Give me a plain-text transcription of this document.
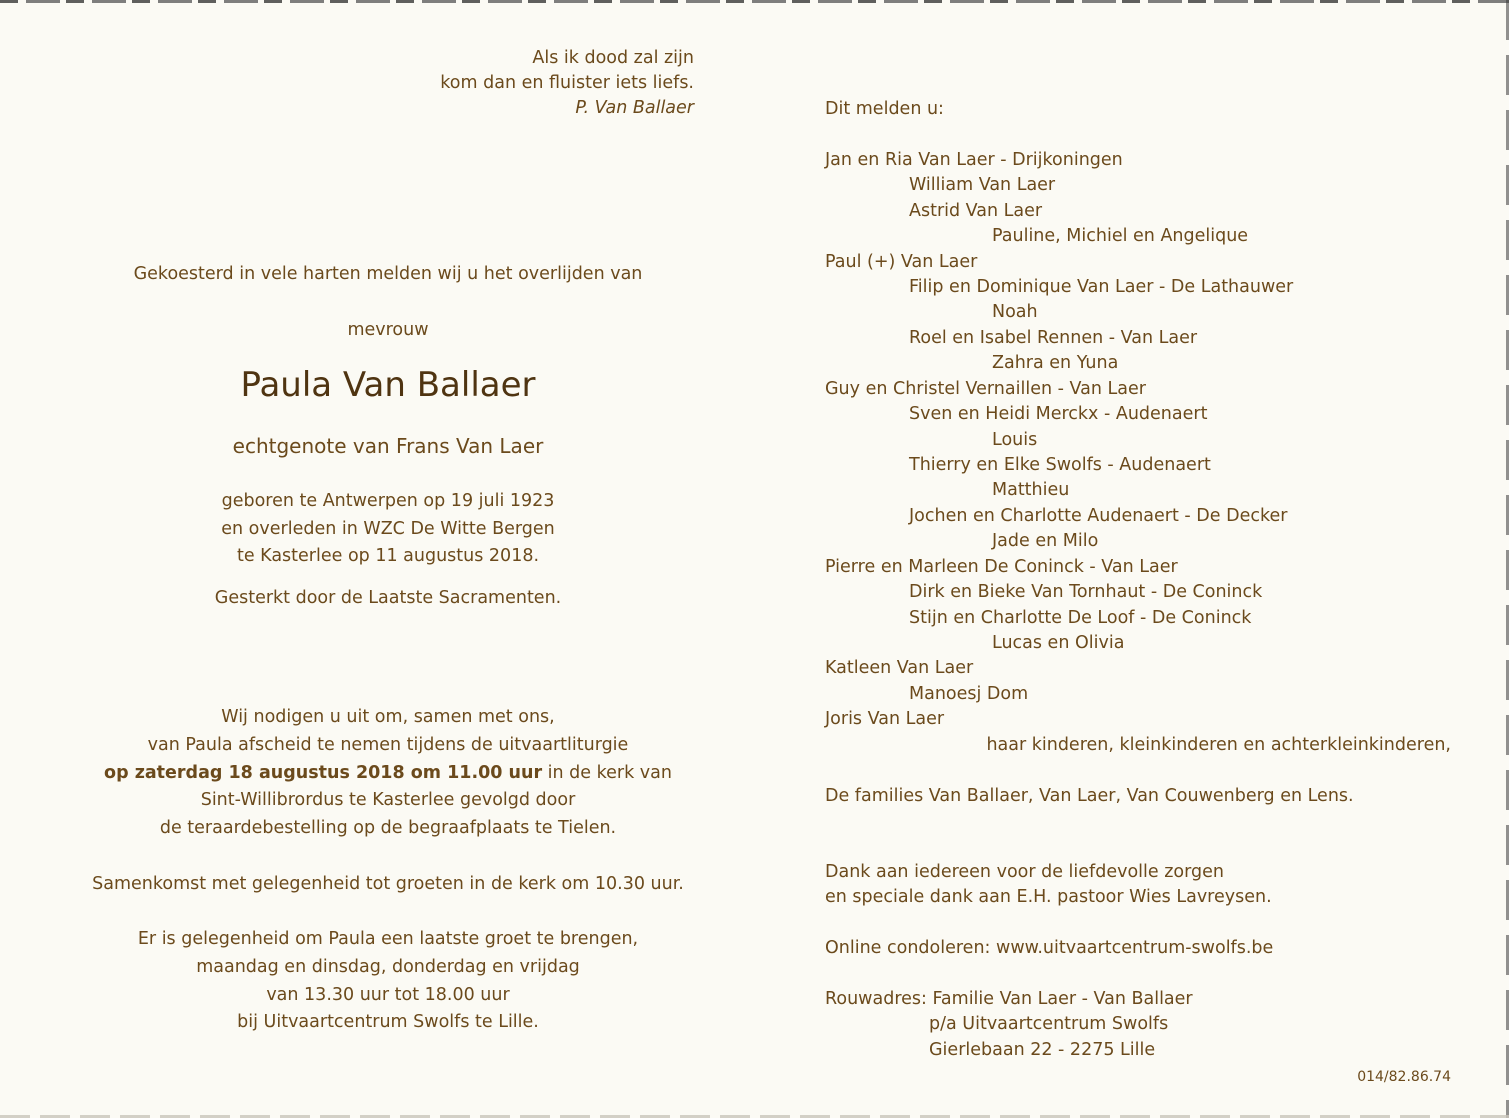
Als ik dood zal zijn
kom dan en fluister iets liefs.
P. Van Ballaer
Gekoesterd in vele harten melden wij u het overlijden van
mevrouw
Paula Van Ballaer
echtgenote van Frans Van Laer
geboren te Antwerpen op 19 juli 1923
en overleden in WZC De Witte Bergen
te Kasterlee op 11 augustus 2018.
Gesterkt door de Laatste Sacramenten.
Wij nodigen u uit om, samen met ons,
van Paula afscheid te nemen tijdens de uitvaartliturgie
op zaterdag 18 augustus 2018 om 11.00 uur in de kerk van
Sint-Willibrordus te Kasterlee gevolgd door
de teraardebestelling op de begraafplaats te Tielen.
Samenkomst met gelegenheid tot groeten in de kerk om 10.30 uur.
Er is gelegenheid om Paula een laatste groet te brengen,
maandag en dinsdag, donderdag en vrijdag
van 13.30 uur tot 18.00 uur
bij Uitvaartcentrum Swolfs te Lille.
Dit melden u:
Jan en Ria Van Laer - Drijkoningen
William Van Laer
Astrid Van Laer
Pauline, Michiel en Angelique
Paul (+) Van Laer
Filip en Dominique Van Laer - De Lathauwer
Noah
Roel en Isabel Rennen - Van Laer
Zahra en Yuna
Guy en Christel Vernaillen - Van Laer
Sven en Heidi Merckx - Audenaert
Louis
Thierry en Elke Swolfs - Audenaert
Matthieu
Jochen en Charlotte Audenaert - De Decker
Jade en Milo
Pierre en Marleen De Coninck - Van Laer
Dirk en Bieke Van Tornhaut - De Coninck
Stijn en Charlotte De Loof - De Coninck
Lucas en Olivia
Katleen Van Laer
Manoesj Dom
Joris Van Laer
haar kinderen, kleinkinderen en achterkleinkinderen,
De families Van Ballaer, Van Laer, Van Couwenberg en Lens.
Dank aan iedereen voor de liefdevolle zorgen
en speciale dank aan E.H. pastoor Wies Lavreysen.
Online condoleren: www.uitvaartcentrum-swolfs.be
Rouwadres: Familie Van Laer - Van Ballaer
p/a Uitvaartcentrum Swolfs
Gierlebaan 22 - 2275 Lille
014/82.86.74
